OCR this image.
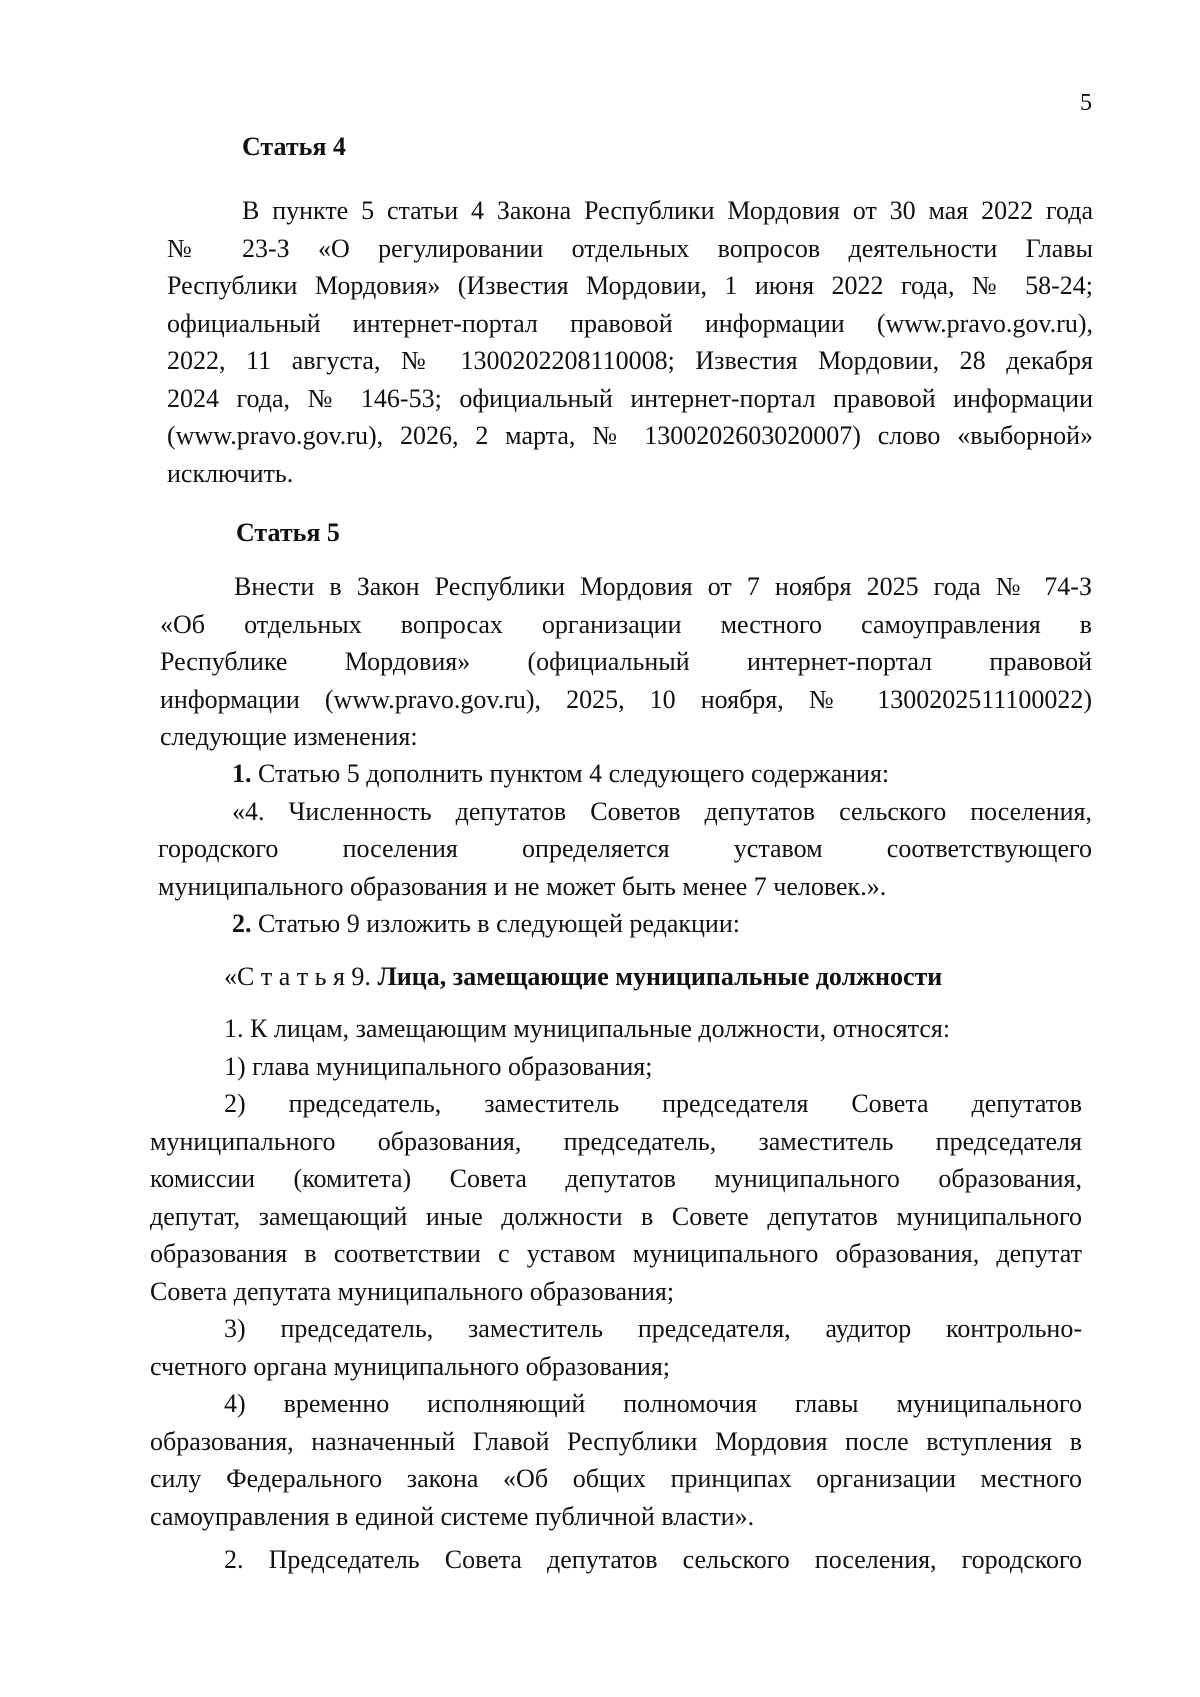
5
Статья 4
В пункте 5 статьи 4 Закона Республики Мордовия от 30 мая 2022 года
№ 23-З «О регулировании отдельных вопросов деятельности Главы
Республики Мордовия» (Известия Мордовии, 1 июня 2022 года, № 58-24;
официальный интернет-портал правовой информации (www.pravo.gov.ru),
2022, 11 августа, № 1300202208110008; Известия Мордовии, 28 декабря
2024 года, № 146-53; официальный интернет-портал правовой информации
(www.pravo.gov.ru), 2026, 2 марта, № 1300202603020007) слово «выборной»
исключить.
Статья 5
Внести в Закон Республики Мордовия от 7 ноября 2025 года № 74-З
«Об отдельных вопросах организации местного самоуправления в
Республике Мордовия» (официальный интернет-портал правовой
информации (www.pravo.gov.ru), 2025, 10 ноября, № 1300202511100022)
следующие изменения:
1. Статью 5 дополнить пунктом 4 следующего содержания:
«4. Численность депутатов Советов депутатов сельского поселения,
городского поселения определяется уставом соответствующего
муниципального образования и не может быть менее 7 человек.».
2. Статью 9 изложить в следующей редакции:
«С т а т ь я 9. Лица, замещающие муниципальные должности
1. К лицам, замещающим муниципальные должности, относятся:
1) глава муниципального образования;
2) председатель, заместитель председателя Совета депутатов
муниципального образования, председатель, заместитель председателя
комиссии (комитета) Совета депутатов муниципального образования,
депутат, замещающий иные должности в Совете депутатов муниципального
образования в соответствии с уставом муниципального образования, депутат
Совета депутата муниципального образования;
3) председатель, заместитель председателя, аудитор контрольно-
счетного органа муниципального образования;
4) временно исполняющий полномочия главы муниципального
образования, назначенный Главой Республики Мордовия после вступления в
силу Федерального закона «Об общих принципах организации местного
самоуправления в единой системе публичной власти».
2. Председатель Совета депутатов сельского поселения, городского
